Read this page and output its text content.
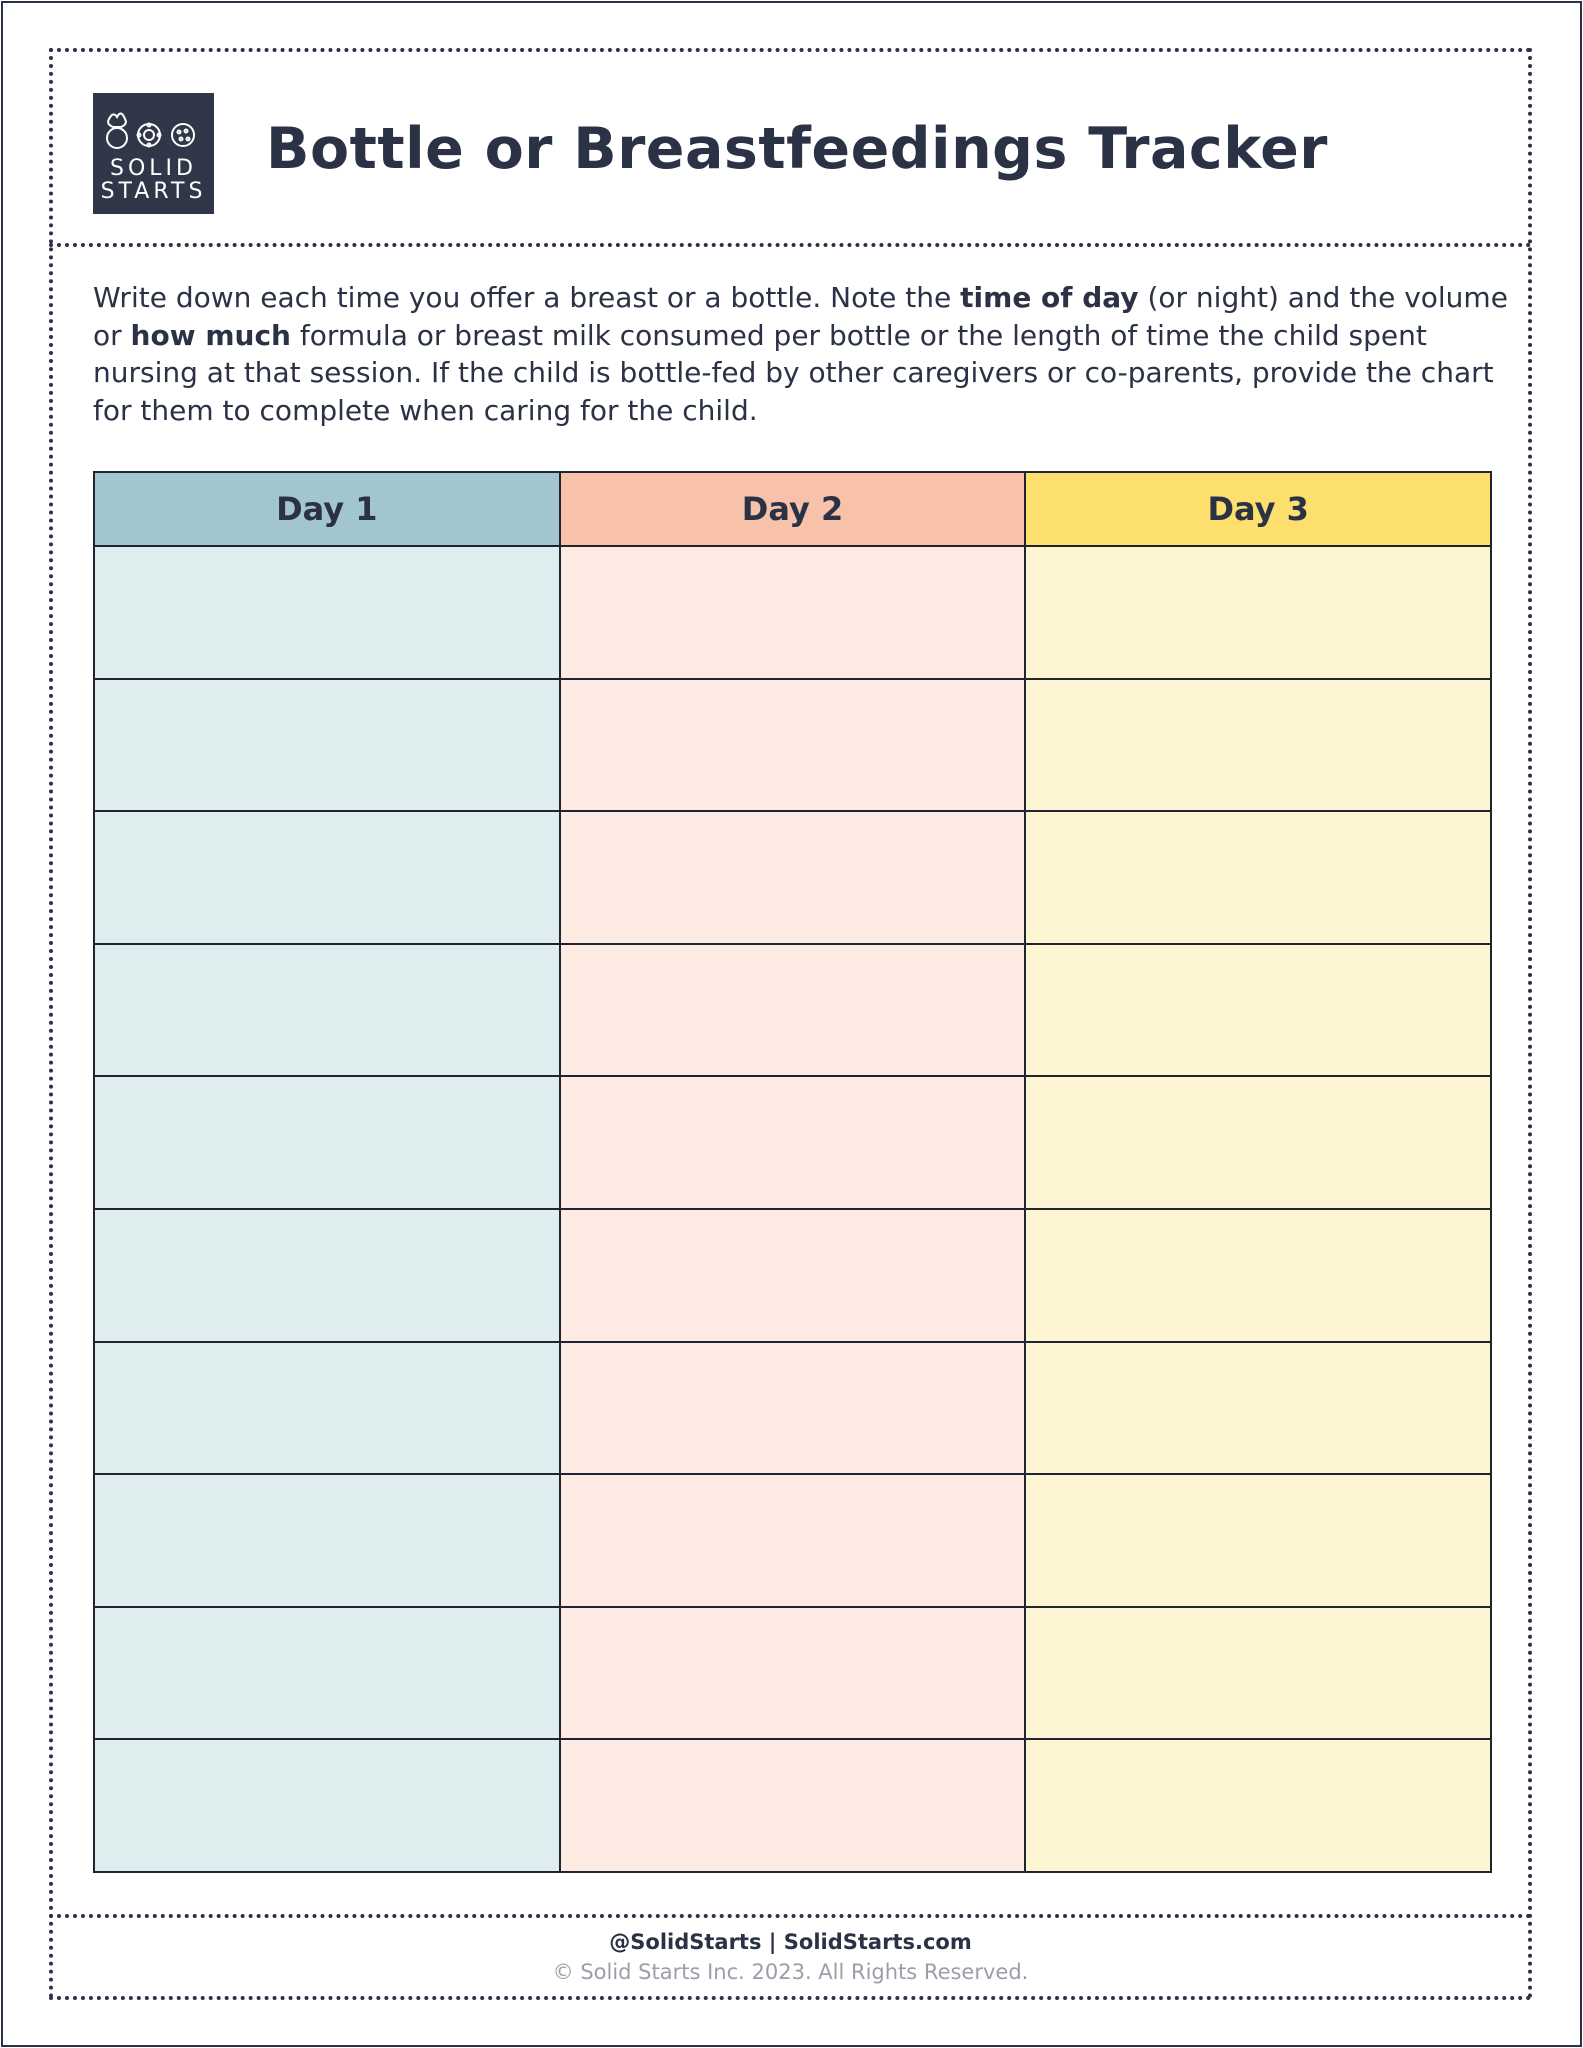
SOLID
STARTS
Bottle or Breastfeedings Tracker

Write down each time you offer a breast or a bottle. Note the time of day (or night) and the volume or how much formula or breast milk consumed per bottle or the length of time the child spent nursing at that session. If the child is bottle-fed by other caregivers or co-parents, provide the chart for them to complete when caring for the child.

Day 1	Day 2	Day 3

@SolidStarts | SolidStarts.com
© Solid Starts Inc. 2023. All Rights Reserved.
